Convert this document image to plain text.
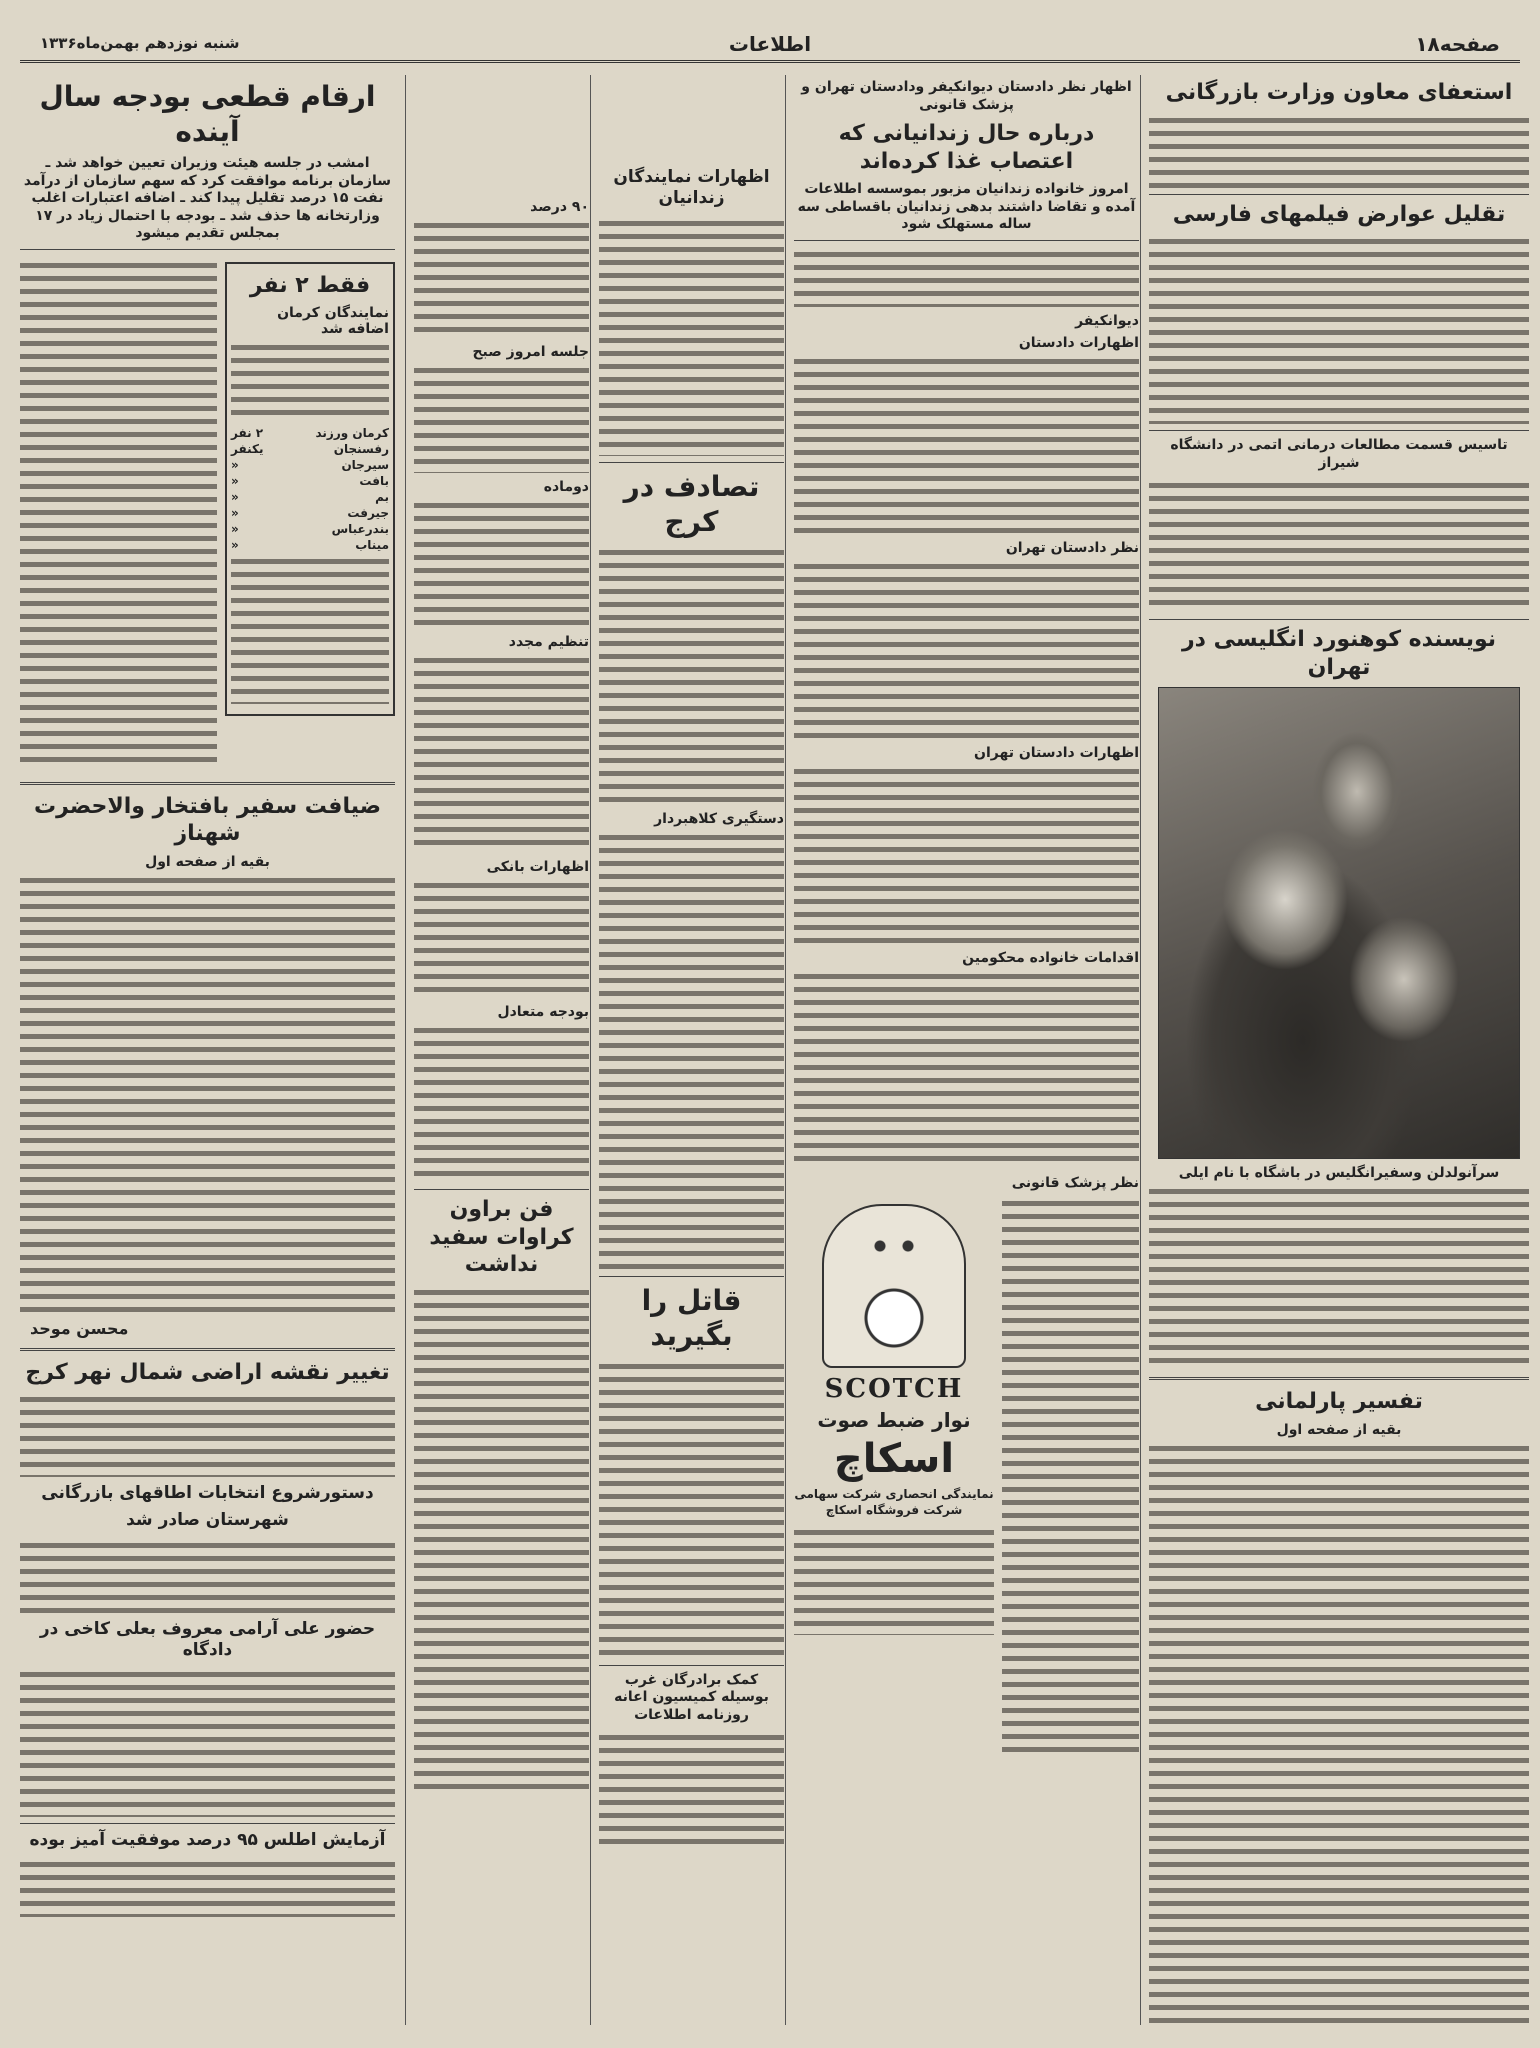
صفحه۱۸
اطلاعات
شنبه نوزدهم بهمن‌ماه۱۳۳۶
استعفای معاون وزارت بازرگانی
تقلیل عوارض فیلمهای فارسی
تاسیس قسمت مطالعات درمانی اتمی در دانشگاه شیراز
نویسنده کوهنورد انگلیسی در تهران
سرآنولدلن وسفیرانگلیس در باشگاه با نام ایلی
تفسیر پارلمانی
بقیه از صفحه اول
اظهار نظر دادستان دیوانکیفر ودادستان تهران و پزشک قانونی
درباره حال زندانیانی که اعتصاب غذا کرده‌اند
امروز خانواده زندانیان مزبور بموسسه اطلاعات آمده و تقاضا داشتند بدهی زندانیان باقساطی سه ساله مستهلک شود
دیوانکیفر
اظهارات دادستان
نظر دادستان تهران
اظهارات دادستان تهران
اقدامات خانواده محکومین
نظر پزشک قانونی
SCOTCH
نوار ضبط صوت
اسکاچ
نمایندگی انحصاری شرکت سهامی شرکت فروشگاه اسکاچ
اظهارات نمایندگان زندانیان
تصادف در کرج
دستگیری کلاهبردار
قاتل را بگیرید
کمک برادرگان غرب بوسیله کمیسیون اعانه روزنامه اطلاعات
۹۰ درصد
جلسه امروز صبح
دوماده
تنظیم مجدد
اظهارات بانکی
بودجه متعادل
فن براون کراوات سفید نداشت
ارقام قطعی بودجه سال آینده
امشب در جلسه هیئت وزیران تعیین خواهد شد ـ سازمان برنامه موافقت کرد که سهم سازمان از درآمد نفت ۱۵ درصد تقلیل پیدا کند ـ اضافه اعتبارات اغلب وزارتخانه ها حذف شد ـ بودجه با احتمال زیاد در ۱۷ بمجلس تقدیم میشود
فقط ۲ نفر
نمایندگان کرمان اضافه شد
کرمان ورزند
۲ نفر
رفسنجان
یکنفر
سیرجان
«
بافت
«
بم
«
جیرفت
«
بندرعباس
«
میناب
«
ضیافت سفیر بافتخار والاحضرت شهناز
بقیه از صفحه اول
محسن موحد
تغییر نقشه اراضی شمال نهر کرج
دستورشروع انتخابات اطاقهای بازرگانی
شهرستان صادر شد
حضور علی آرامی معروف بعلی کاخی در دادگاه
آزمایش اطلس ۹۵ درصد موفقیت آمیز بوده
